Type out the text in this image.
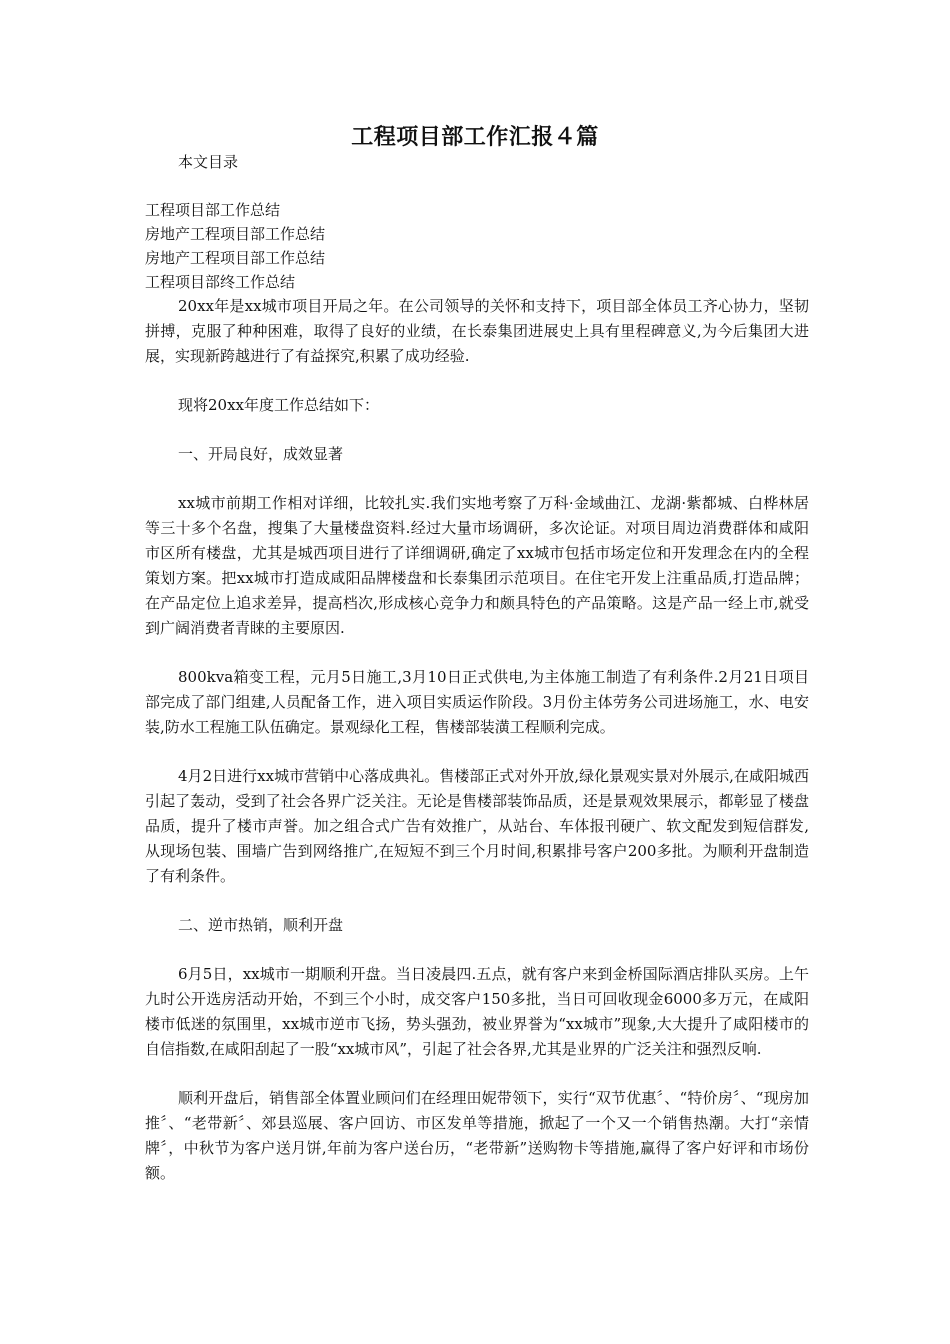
工程项目部工作汇报４篇
本文目录
工程项目部工作总结
房地产工程项目部工作总结
房地产工程项目部工作总结
工程项目部终工作总结

20xx年是xx城市项目开局之年。在公司领导的关怀和支持下，项目部全体员工齐心协力，坚韧拼搏，克服了种种困难，取得了良好的业绩，在长泰集团进展史上具有里程碑意义,为今后集团大进展，实现新跨越进行了有益探究,积累了成功经验.

现将20xx年度工作总结如下：

一、开局良好，成效显著

xx城市前期工作相对详细，比较扎实.我们实地考察了万科·金域曲江、龙湖·紫都城、白桦林居等三十多个名盘，搜集了大量楼盘资料.经过大量市场调研，多次论证。对项目周边消费群体和咸阳市区所有楼盘，尤其是城西项目进行了详细调研,确定了xx城市包括市场定位和开发理念在内的全程策划方案。把xx城市打造成咸阳品牌楼盘和长泰集团示范项目。在住宅开发上注重品质,打造品牌；在产品定位上追求差异，提高档次,形成核心竞争力和颇具特色的产品策略。这是产品一经上市,就受到广阔消费者青睐的主要原因.

800kva箱变工程，元月5日施工,3月10日正式供电,为主体施工制造了有利条件.2月21日项目部完成了部门组建,人员配备工作，进入项目实质运作阶段。3月份主体劳务公司进场施工，水、电安装,防水工程施工队伍确定。景观绿化工程，售楼部装潢工程顺利完成。

4月2日进行xx城市营销中心落成典礼。售楼部正式对外开放,绿化景观实景对外展示,在咸阳城西引起了轰动，受到了社会各界广泛关注。无论是售楼部装饰品质，还是景观效果展示，都彰显了楼盘品质，提升了楼市声誉。加之组合式广告有效推广，从站台、车体报刊硬广、软文配发到短信群发,从现场包装、围墙广告到网络推广,在短短不到三个月时间,积累排号客户200多批。为顺利开盘制造了有利条件。

二、逆市热销，顺利开盘

6月5日，xx城市一期顺利开盘。当日凌晨四.五点，就有客户来到金桥国际酒店排队买房。上午九时公开选房活动开始，不到三个小时，成交客户150多批，当日可回收现金6000多万元，在咸阳楼市低迷的氛围里，xx城市逆市飞扬，势头强劲，被业界誉为“xx城市”现象,大大提升了咸阳楼市的自信指数,在咸阳刮起了一股“xx城市风”，引起了社会各界,尤其是业界的广泛关注和强烈反响.

顺利开盘后，销售部全体置业顾问们在经理田妮带领下，实行“双节优惠〞、“特价房〞、“现房加推〞、“老带新〞、郊县巡展、客户回访、市区发单等措施，掀起了一个又一个销售热潮。大打“亲情牌〞，中秋节为客户送月饼,年前为客户送台历，“老带新”送购物卡等措施,赢得了客户好评和市场份额。
